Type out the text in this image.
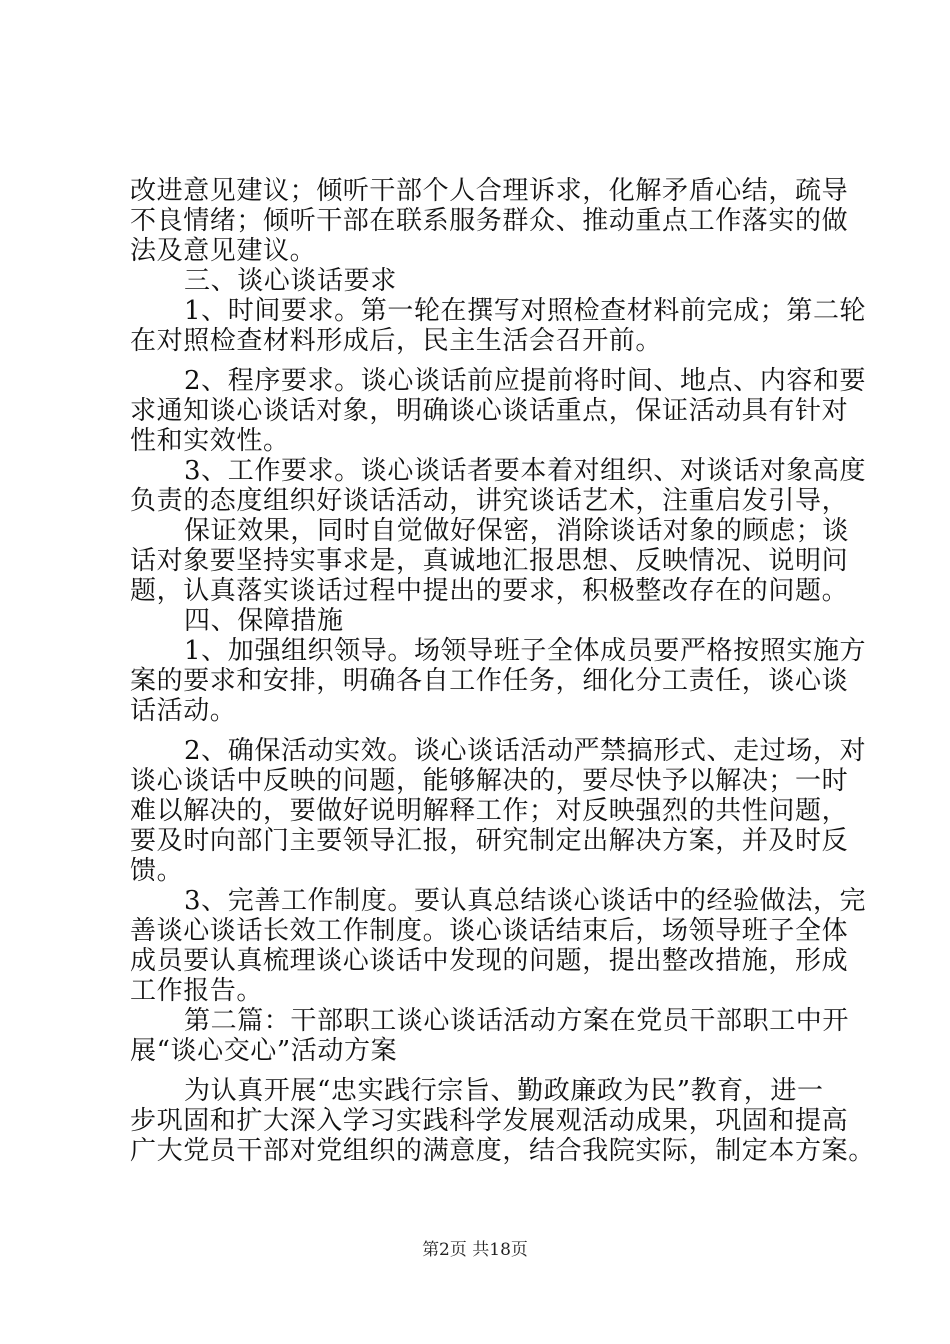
改进意见建议；倾听干部个人合理诉求，化解矛盾心结，疏导
不良情绪；倾听干部在联系服务群众、推动重点工作落实的做
法及意见建议。
三、谈心谈话要求
1、时间要求。第一轮在撰写对照检查材料前完成；第二轮
在对照检查材料形成后，民主生活会召开前。
2、程序要求。谈心谈话前应提前将时间、地点、内容和要
求通知谈心谈话对象，明确谈心谈话重点，保证活动具有针对
性和实效性。
3、工作要求。谈心谈话者要本着对组织、对谈话对象高度
负责的态度组织好谈话活动，讲究谈话艺术，注重启发引导，
保证效果，同时自觉做好保密，消除谈话对象的顾虑；谈
话对象要坚持实事求是，真诚地汇报思想、反映情况、说明问
题，认真落实谈话过程中提出的要求，积极整改存在的问题。
四、保障措施
1、加强组织领导。场领导班子全体成员要严格按照实施方
案的要求和安排，明确各自工作任务，细化分工责任，谈心谈
话活动。
2、确保活动实效。谈心谈话活动严禁搞形式、走过场，对
谈心谈话中反映的问题，能够解决的，要尽快予以解决；一时
难以解决的，要做好说明解释工作；对反映强烈的共性问题，
要及时向部门主要领导汇报，研究制定出解决方案，并及时反
馈。
3、完善工作制度。要认真总结谈心谈话中的经验做法，完
善谈心谈话长效工作制度。谈心谈话结束后，场领导班子全体
成员要认真梳理谈心谈话中发现的问题，提出整改措施，形成
工作报告。
第二篇：干部职工谈心谈话活动方案在党员干部职工中开
展“谈心交心”活动方案
为认真开展“忠实践行宗旨、勤政廉政为民”教育，进一
步巩固和扩大深入学习实践科学发展观活动成果，巩固和提高
广大党员干部对党组织的满意度，结合我院实际，制定本方案。
第2页 共18页
